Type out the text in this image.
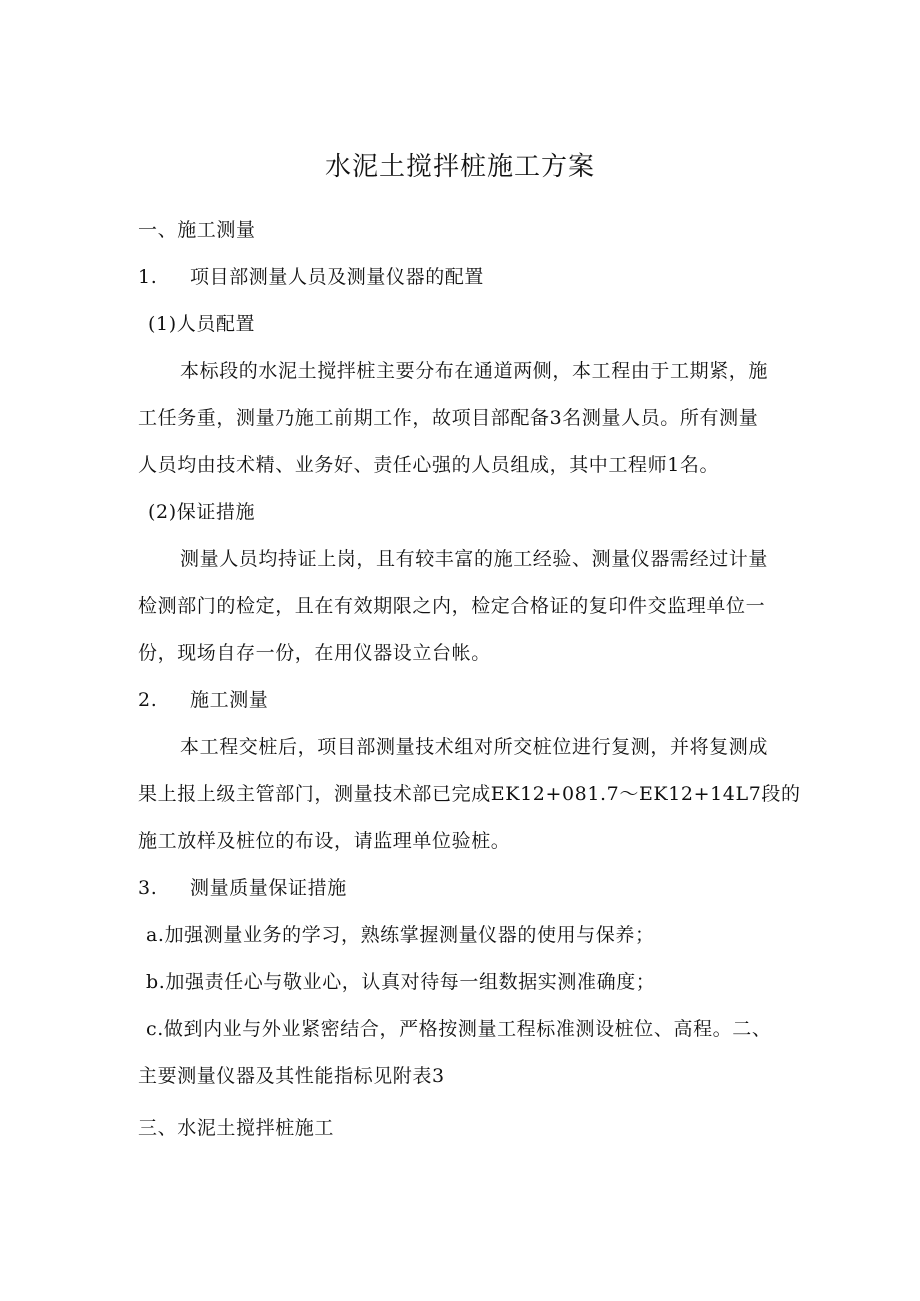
水泥土搅拌桩施工方案
一、施工测量
1. 项目部测量人员及测量仪器的配置
(1)人员配置
本标段的水泥土搅拌桩主要分布在通道两侧，本工程由于工期紧，施
工任务重，测量乃施工前期工作，故项目部配备3名测量人员。所有测量
人员均由技术精、业务好、责任心强的人员组成，其中工程师1名。
(2)保证措施
测量人员均持证上岗，且有较丰富的施工经验、测量仪器需经过计量
检测部门的检定，且在有效期限之内，检定合格证的复印件交监理单位一
份，现场自存一份，在用仪器设立台帐。
2. 施工测量
本工程交桩后，项目部测量技术组对所交桩位进行复测，并将复测成
果上报上级主管部门，测量技术部已完成EK12+081.7～EK12+14L7段的
施工放样及桩位的布设，请监理单位验桩。
3. 测量质量保证措施
a.加强测量业务的学习，熟练掌握测量仪器的使用与保养；
b.加强责任心与敬业心，认真对待每一组数据实测准确度；
c.做到内业与外业紧密结合，严格按测量工程标准测设桩位、高程。二、
主要测量仪器及其性能指标见附表3
三、水泥土搅拌桩施工
